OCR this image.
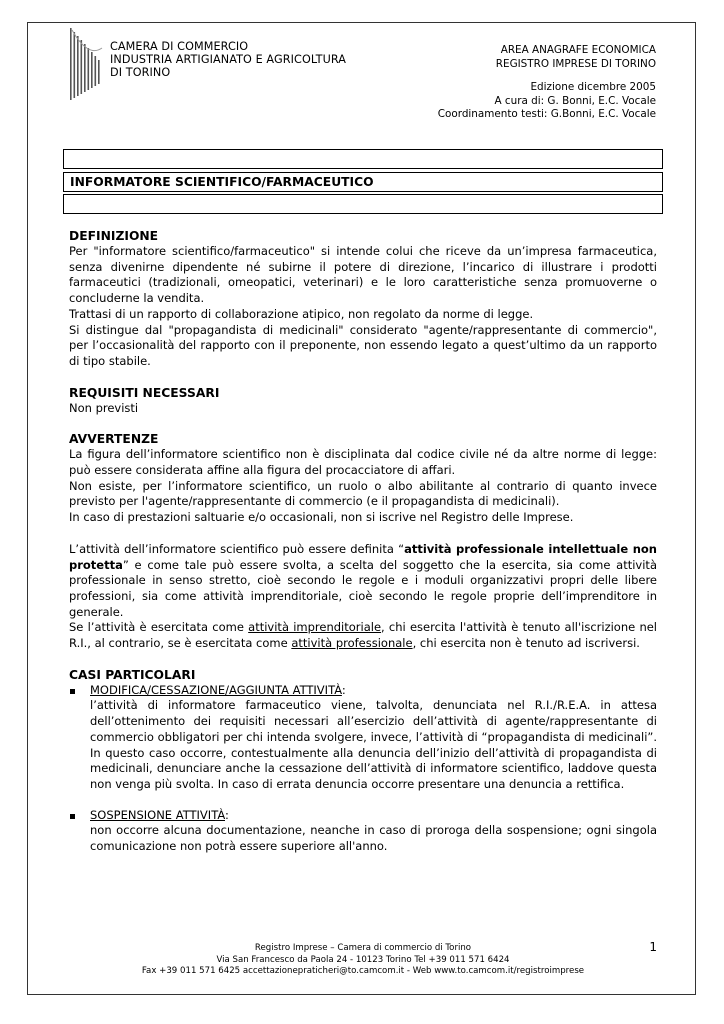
CAMERA DI COMMERCIO
INDUSTRIA ARTIGIANATO E AGRICOLTURA
DI TORINO
AREA ANAGRAFE ECONOMICA
REGISTRO IMPRESE DI TORINO
Edizione dicembre 2005
A cura di: G. Bonni, E.C. Vocale
Coordinamento testi: G.Bonni, E.C. Vocale
INFORMATORE SCIENTIFICO/FARMACEUTICO

DEFINIZIONE

Per "informatore scientifico/farmaceutico" si intende colui che riceve da un’impresa farmaceutica, senza divenirne dipendente né subirne il potere di direzione, l’incarico di illustrare i prodotti farmaceutici (tradizionali, omeopatici, veterinari) e le loro caratteristiche senza promuoverne o concluderne la vendita.

Trattasi di un rapporto di collaborazione atipico, non regolato da norme di legge.

Si distingue dal "propagandista di medicinali" considerato "agente/rappresentante di commercio", per l’occasionalità del rapporto con il preponente, non essendo legato a quest’ultimo da un rapporto di tipo stabile.

REQUISITI NECESSARI

Non previsti

AVVERTENZE

La figura dell’informatore scientifico non è disciplinata dal codice civile né da altre norme di legge: può essere considerata affine alla figura del procacciatore di affari.

Non esiste, per l’informatore scientifico, un ruolo o albo abilitante al contrario di quanto invece previsto per l'agente/rappresentante di commercio (e il propagandista di medicinali).

In caso di prestazioni saltuarie e/o occasionali, non si iscrive nel Registro delle Imprese.

L’attività dell’informatore scientifico può essere definita “attività professionale intellettuale non protetta” e come tale può essere svolta, a scelta del soggetto che la esercita, sia come attività professionale in senso stretto, cioè secondo le regole e i moduli organizzativi propri delle libere professioni, sia come attività imprenditoriale, cioè secondo le regole proprie dell’imprenditore in generale.

Se l’attività è esercitata come attività imprenditoriale, chi esercita l'attività è tenuto all'iscrizione nel R.I., al contrario, se è esercitata come attività professionale, chi esercita non è tenuto ad iscriversi.

CASI PARTICOLARI

MODIFICA/CESSAZIONE/AGGIUNTA ATTIVITÀ:

l’attività di informatore farmaceutico viene, talvolta, denunciata nel R.I./R.E.A. in attesa dell’ottenimento dei requisiti necessari all’esercizio dell’attività di agente/rappresentante di commercio obbligatori per chi intenda svolgere, invece, l’attività di “propagandista di medicinali”. In questo caso occorre, contestualmente alla denuncia dell’inizio dell’attività di propagandista di medicinali, denunciare anche la cessazione dell’attività di informatore scientifico, laddove questa non venga più svolta. In caso di errata denuncia occorre presentare una denuncia a rettifica.

SOSPENSIONE ATTIVITÀ:

non occorre alcuna documentazione, neanche in caso di proroga della sospensione; ogni singola comunicazione non potrà essere superiore all'anno.

Registro Imprese – Camera di commercio di Torino
Via San Francesco da Paola 24 - 10123 Torino Tel +39 011 571 6424
Fax +39 011 571 6425 accettazionepraticheri@to.camcom.it - Web www.to.camcom.it/registroimprese
1
